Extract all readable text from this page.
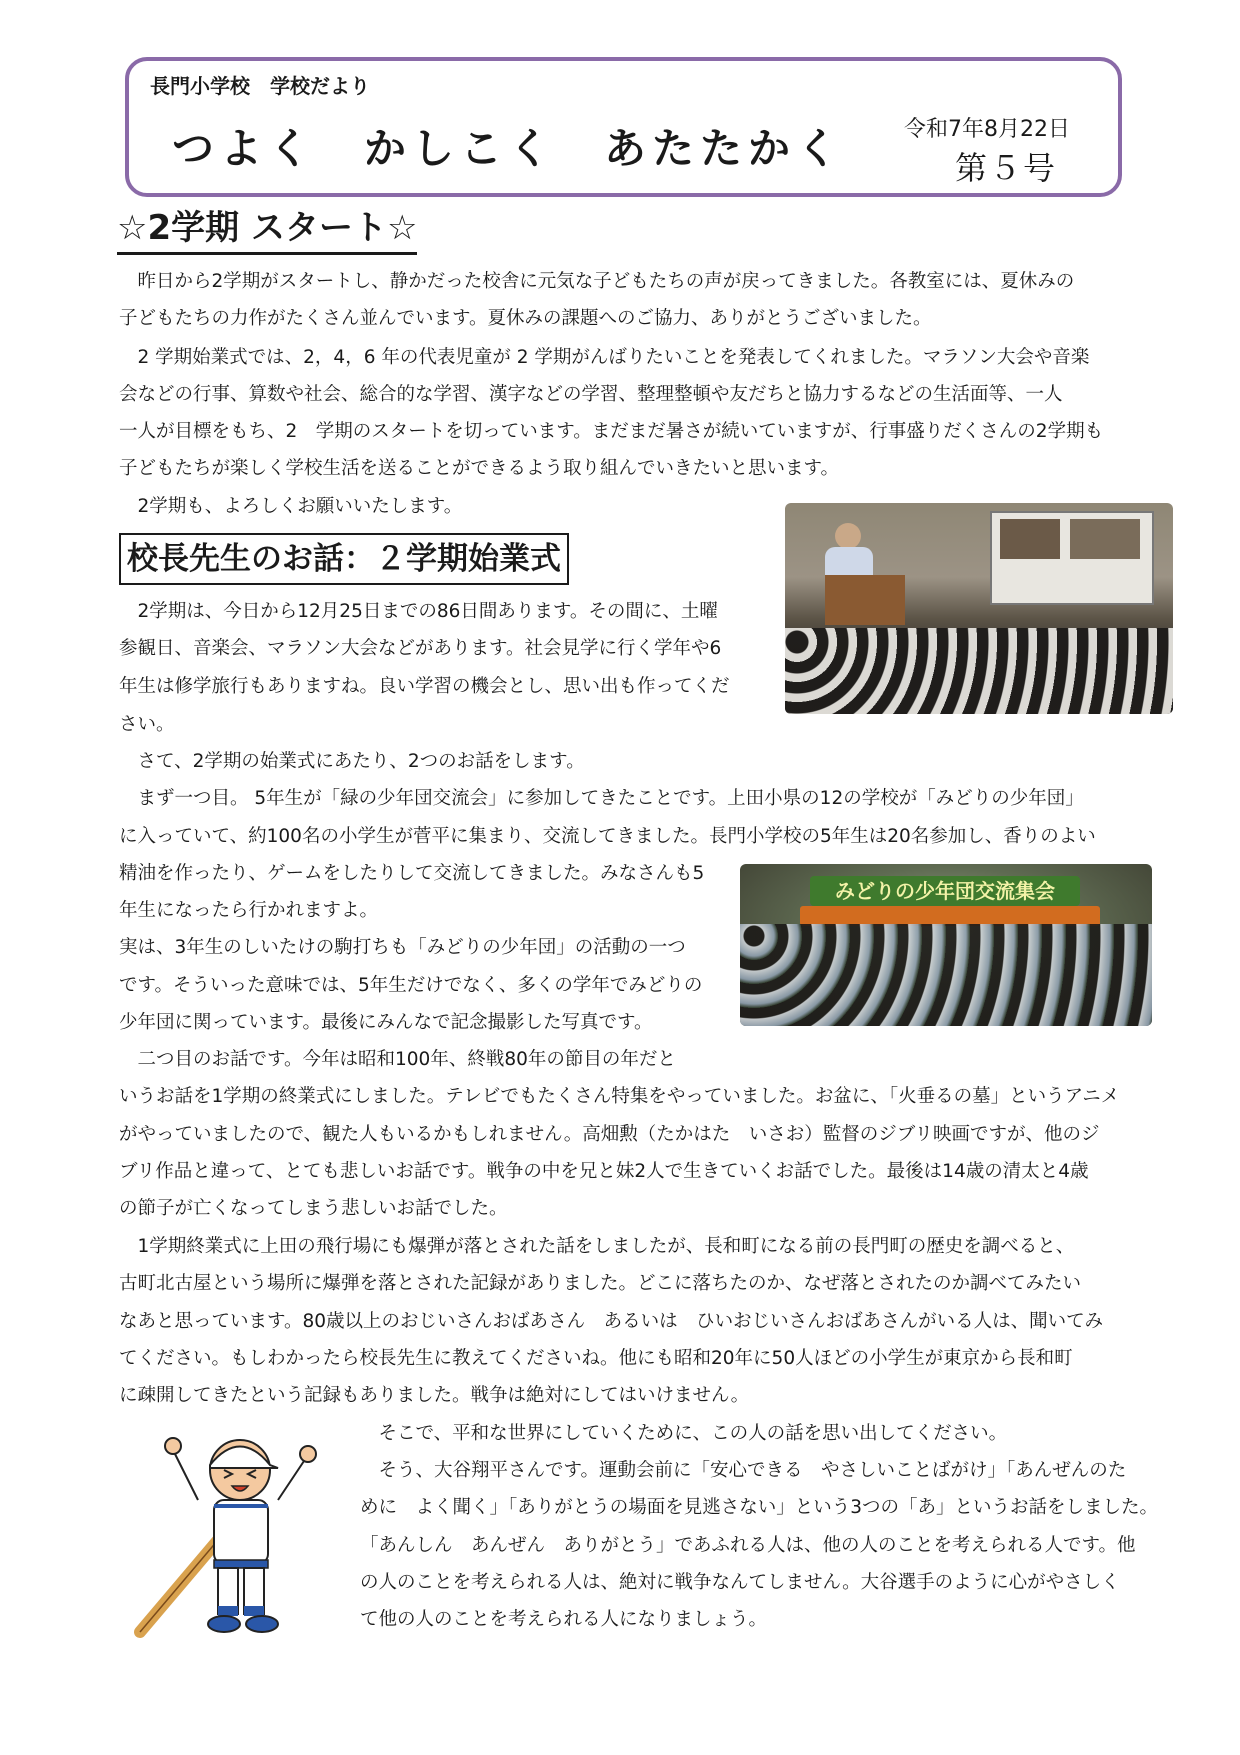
長門小学校　学校だより
つよく　かしこく　あたたかく	令和7年8月22日
第５号
☆2学期 スタート☆
　昨日から2学期がスタートし、静かだった校舎に元気な子どもたちの声が戻ってきました。各教室には、夏休みの
子どもたちの力作がたくさん並んでいます。夏休みの課題へのご協力、ありがとうございました。
　2 学期始業式では、2，4，6 年の代表児童が 2 学期がんばりたいことを発表してくれました。マラソン大会や音楽
会などの行事、算数や社会、総合的な学習、漢字などの学習、整理整頓や友だちと協力するなどの生活面等、一人
一人が目標をもち、2　学期のスタートを切っています。まだまだ暑さが続いていますが、行事盛りだくさんの2学期も
子どもたちが楽しく学校生活を送ることができるよう取り組んでいきたいと思います。
　2学期も、よろしくお願いいたします。
校長先生のお話：２学期始業式
　2学期は、今日から12月25日までの86日間あります。その間に、土曜
参観日、音楽会、マラソン大会などがあります。社会見学に行く学年や6
年生は修学旅行もありますね。良い学習の機会とし、思い出も作ってくだ
さい。
　さて、2学期の始業式にあたり、2つのお話をします。
　まず一つ目。 5年生が「緑の少年団交流会」に参加してきたことです。上田小県の12の学校が「みどりの少年団」
に入っていて、約100名の小学生が菅平に集まり、交流してきました。長門小学校の5年生は20名参加し、香りのよい
精油を作ったり、ゲームをしたりして交流してきました。みなさんも5
年生になったら行かれますよ。
実は、3年生のしいたけの駒打ちも「みどりの少年団」の活動の一つ
です。そういった意味では、5年生だけでなく、多くの学年でみどりの
少年団に関っています。最後にみんなで記念撮影した写真です。
　二つ目のお話です。今年は昭和100年、終戦80年の節目の年だと
いうお話を1学期の終業式にしました。テレビでもたくさん特集をやっていました。お盆に、「火垂るの墓」というアニメ
がやっていましたので、観た人もいるかもしれません。高畑勲（たかはた　いさお）監督のジブリ映画ですが、他のジ
ブリ作品と違って、とても悲しいお話です。戦争の中を兄と妹2人で生きていくお話でした。最後は14歳の清太と4歳
の節子が亡くなってしまう悲しいお話でした。
　1学期終業式に上田の飛行場にも爆弾が落とされた話をしましたが、長和町になる前の長門町の歴史を調べると、
古町北古屋という場所に爆弾を落とされた記録がありました。どこに落ちたのか、なぜ落とされたのか調べてみたい
なあと思っています。80歳以上のおじいさんおばあさん　あるいは　ひいおじいさんおばあさんがいる人は、聞いてみ
てください。もしわかったら校長先生に教えてくださいね。他にも昭和20年に50人ほどの小学生が東京から長和町
に疎開してきたという記録もありました。戦争は絶対にしてはいけません。
　そこで、平和な世界にしていくために、この人の話を思い出してください。
　そう、大谷翔平さんです。運動会前に「安心できる　やさしいことばがけ」「あんぜんのた
めに　よく聞く」「ありがとうの場面を見逃さない」という3つの「あ」というお話をしました。
「あんしん　あんぜん　ありがとう」であふれる人は、他の人のことを考えられる人です。他
の人のことを考えられる人は、絶対に戦争なんてしません。大谷選手のように心がやさしく
て他の人のことを考えられる人になりましょう。
みどりの少年団交流集会
